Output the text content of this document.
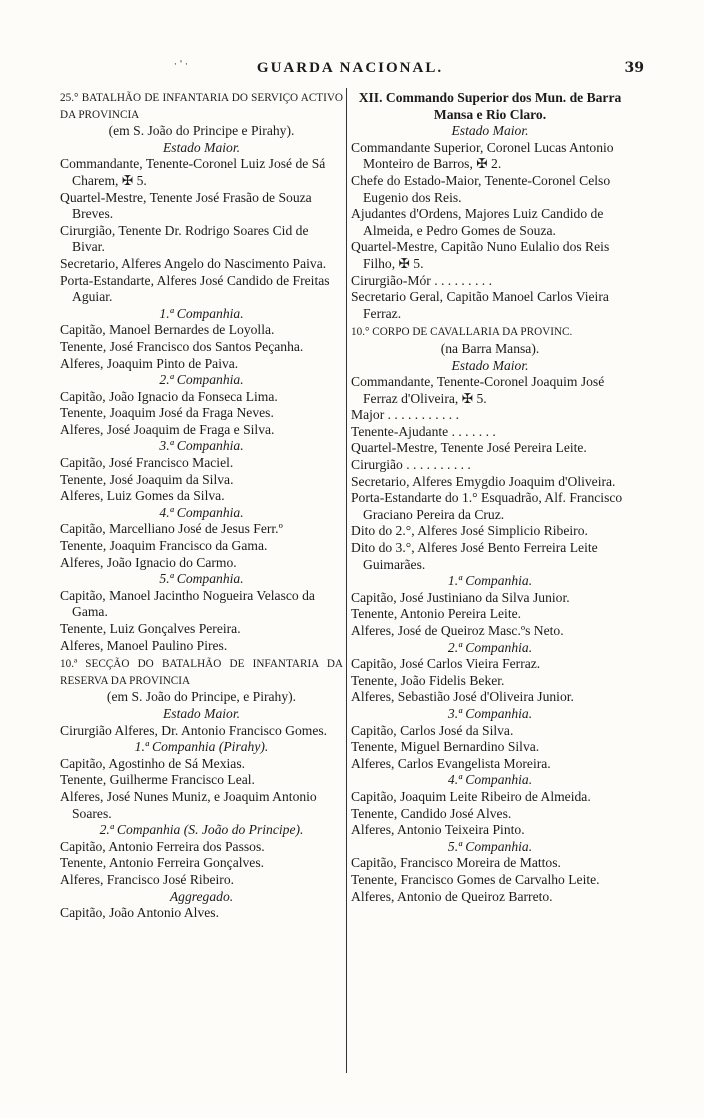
· ' ·	GUARDA NACIONAL.	39

25.° BATALHÃO DE INFANTARIA DO SERVIÇO ACTIVO DA PROVINCIA

(em S. João do Principe e Pirahy).

Estado Maior.

Commandante, Tenente-Coronel Luiz José de Sá Charem, ✠ 5.

Quartel-Mestre, Tenente José Frasão de Souza Breves.

Cirurgião, Tenente Dr. Rodrigo Soares Cid de Bivar.

Secretario, Alferes Angelo do Nascimento Paiva.

Porta-Estandarte, Alferes José Candido de Freitas Aguiar.

1.ª Companhia.

Capitão, Manoel Bernardes de Loyolla.

Tenente, José Francisco dos Santos Peçanha.

Alferes, Joaquim Pinto de Paiva.

2.ª Companhia.

Capitão, João Ignacio da Fonseca Lima.

Tenente, Joaquim José da Fraga Neves.

Alferes, José Joaquim de Fraga e Silva.

3.ª Companhia.

Capitão, José Francisco Maciel.

Tenente, José Joaquim da Silva.

Alferes, Luiz Gomes da Silva.

4.ª Companhia.

Capitão, Marcelliano José de Jesus Ferr.º

Tenente, Joaquim Francisco da Gama.

Alferes, João Ignacio do Carmo.

5.ª Companhia.

Capitão, Manoel Jacintho Nogueira Velasco da Gama.

Tenente, Luiz Gonçalves Pereira.

Alferes, Manoel Paulino Pires.

10.ª SECÇÃO DO BATALHÃO DE INFANTARIA DA RESERVA DA PROVINCIA

(em S. João do Principe, e Pirahy).

Estado Maior.

Cirurgião Alferes, Dr. Antonio Francisco Gomes.

1.ª Companhia (Pirahy).

Capitão, Agostinho de Sá Mexias.

Tenente, Guilherme Francisco Leal.

Alferes, José Nunes Muniz, e Joaquim Antonio Soares.

2.ª Companhia (S. João do Principe).

Capitão, Antonio Ferreira dos Passos.

Tenente, Antonio Ferreira Gonçalves.

Alferes, Francisco José Ribeiro.

Aggregado.

Capitão, João Antonio Alves.

XII. Commando Superior dos Mun. de Barra Mansa e Rio Claro.

Estado Maior.

Commandante Superior, Coronel Lucas Antonio Monteiro de Barros, ✠ 2.

Chefe do Estado-Maior, Tenente-Coronel Celso Eugenio dos Reis.

Ajudantes d'Ordens, Majores Luiz Candido de Almeida, e Pedro Gomes de Souza.

Quartel-Mestre, Capitão Nuno Eulalio dos Reis Filho, ✠ 5.

Cirurgião-Mór . . . . . . . . .

Secretario Geral, Capitão Manoel Carlos Vieira Ferraz.

10.° CORPO DE CAVALLARIA DA PROVINC.

(na Barra Mansa).

Estado Maior.

Commandante, Tenente-Coronel Joaquim José Ferraz d'Oliveira, ✠ 5.

Major . . . . . . . . . . .

Tenente-Ajudante . . . . . . .

Quartel-Mestre, Tenente José Pereira Leite.

Cirurgião . . . . . . . . . .

Secretario, Alferes Emygdio Joaquim d'Oliveira.

Porta-Estandarte do 1.° Esquadrão, Alf. Francisco Graciano Pereira da Cruz.

Dito do 2.°, Alferes José Simplicio Ribeiro.

Dito do 3.°, Alferes José Bento Ferreira Leite Guimarães.

1.ª Companhia.

Capitão, José Justiniano da Silva Junior.

Tenente, Antonio Pereira Leite.

Alferes, José de Queiroz Masc.ºs Neto.

2.ª Companhia.

Capitão, José Carlos Vieira Ferraz.

Tenente, João Fidelis Beker.

Alferes, Sebastião José d'Oliveira Junior.

3.ª Companhia.

Capitão, Carlos José da Silva.

Tenente, Miguel Bernardino Silva.

Alferes, Carlos Evangelista Moreira.

4.ª Companhia.

Capitão, Joaquim Leite Ribeiro de Almeida.

Tenente, Candido José Alves.

Alferes, Antonio Teixeira Pinto.

5.ª Companhia.

Capitão, Francisco Moreira de Mattos.

Tenente, Francisco Gomes de Carvalho Leite.

Alferes, Antonio de Queiroz Barreto.
